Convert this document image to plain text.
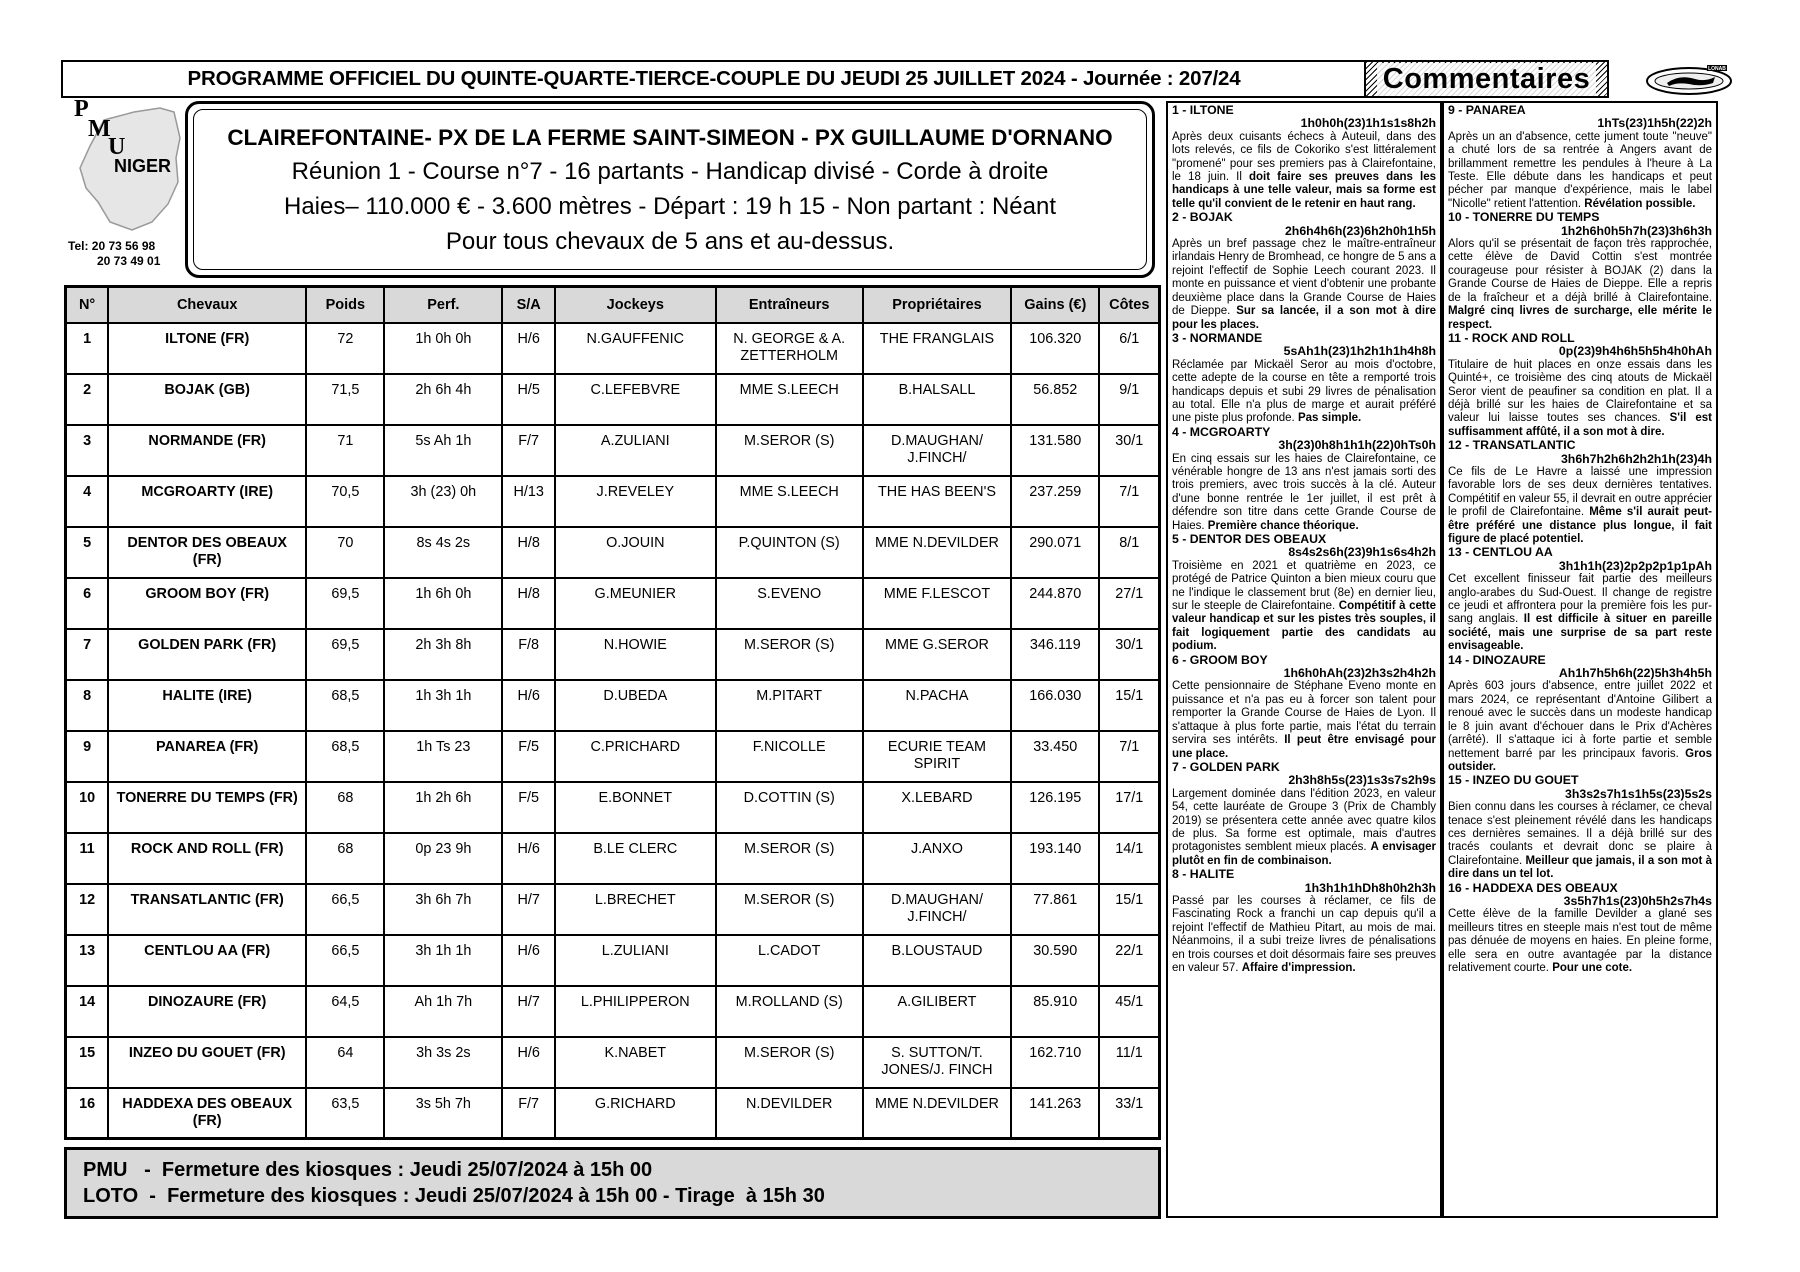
PROGRAMME OFFICIEL DU QUINTE-QUARTE-TIERCE-COUPLE DU JEUDI 25 JUILLET 2024 - Journée : 207/24	Commentaires	LONAB
P
M
U
NIGER
Tel: 20 73 56 98
20 73 49 01
CLAIREFONTAINE- PX DE LA FERME SAINT-SIMEON - PX GUILLAUME D'ORNANO
Réunion 1 - Course n°7 - 16 partants - Handicap divisé - Corde à droite
Haies– 110.000 € - 3.600 mètres - Départ : 19 h 15 - Non partant : Néant
Pour tous chevaux de 5 ans et au-dessus.
N°	Chevaux	Poids	Perf.	S/A	Jockeys	Entraîneurs	Propriétaires	Gains (€)	Côtes
1	ILTONE (FR)	72	1h 0h 0h	H/6	N.GAUFFENIC	N. GEORGE & A. ZETTERHOLM	THE FRANGLAIS	106.320	6/1
2	BOJAK (GB)	71,5	2h 6h 4h	H/5	C.LEFEBVRE	MME S.LEECH	B.HALSALL	56.852	9/1
3	NORMANDE (FR)	71	5s Ah 1h	F/7	A.ZULIANI	M.SEROR (S)	D.MAUGHAN/ J.FINCH/	131.580	30/1
4	MCGROARTY (IRE)	70,5	3h (23) 0h	H/13	J.REVELEY	MME S.LEECH	THE HAS BEEN'S	237.259	7/1
5	DENTOR DES OBEAUX (FR)	70	8s 4s 2s	H/8	O.JOUIN	P.QUINTON (S)	MME N.DEVILDER	290.071	8/1
6	GROOM BOY (FR)	69,5	1h 6h 0h	H/8	G.MEUNIER	S.EVENO	MME F.LESCOT	244.870	27/1
7	GOLDEN PARK (FR)	69,5	2h 3h 8h	F/8	N.HOWIE	M.SEROR (S)	MME G.SEROR	346.119	30/1
8	HALITE (IRE)	68,5	1h 3h 1h	H/6	D.UBEDA	M.PITART	N.PACHA	166.030	15/1
9	PANAREA (FR)	68,5	1h Ts 23	F/5	C.PRICHARD	F.NICOLLE	ECURIE TEAM SPIRIT	33.450	7/1
10	TONERRE DU TEMPS (FR)	68	1h 2h 6h	F/5	E.BONNET	D.COTTIN (S)	X.LEBARD	126.195	17/1
11	ROCK AND ROLL (FR)	68	0p 23 9h	H/6	B.LE CLERC	M.SEROR (S)	J.ANXO	193.140	14/1
12	TRANSATLANTIC (FR)	66,5	3h 6h 7h	H/7	L.BRECHET	M.SEROR (S)	D.MAUGHAN/ J.FINCH/	77.861	15/1
13	CENTLOU AA (FR)	66,5	3h 1h 1h	H/6	L.ZULIANI	L.CADOT	B.LOUSTAUD	30.590	22/1
14	DINOZAURE (FR)	64,5	Ah 1h 7h	H/7	L.PHILIPPERON	M.ROLLAND (S)	A.GILIBERT	85.910	45/1
15	INZEO DU GOUET (FR)	64	3h 3s 2s	H/6	K.NABET	M.SEROR (S)	S. SUTTON/T. JONES/J. FINCH	162.710	11/1
16	HADDEXA DES OBEAUX (FR)	63,5	3s 5h 7h	F/7	G.RICHARD	N.DEVILDER	MME N.DEVILDER	141.263	33/1
PMU   -  Fermeture des kiosques : Jeudi 25/07/2024 à 15h 00
LOTO  -  Fermeture des kiosques : Jeudi 25/07/2024 à 15h 00 - Tirage  à 15h 30
1 - ILTONE
1h0h0h(23)1h1s1s8h2h
Après deux cuisants échecs à Auteuil, dans des lots relevés, ce fils de Cokoriko s'est littéralement "promené" pour ses premiers pas à Clairefontaine, le 18 juin. Il doit faire ses preuves dans les handicaps à une telle valeur, mais sa forme est telle qu'il convient de le retenir en haut rang.
2 - BOJAK
2h6h4h6h(23)6h2h0h1h5h
Après un bref passage chez le maître-entraîneur irlandais Henry de Bromhead, ce hongre de 5 ans a rejoint l'effectif de Sophie Leech courant 2023. Il monte en puissance et vient d'obtenir une probante deuxième place dans la Grande Course de Haies de Dieppe. Sur sa lancée, il a son mot à dire pour les places.
3 - NORMANDE
5sAh1h(23)1h2h1h1h4h8h
Réclamée par Mickaël Seror au mois d'octobre, cette adepte de la course en tête a remporté trois handicaps depuis et subi 29 livres de pénalisation au total. Elle n'a plus de marge et aurait préféré une piste plus profonde. Pas simple.
4 - MCGROARTY
3h(23)0h8h1h1h(22)0hTs0h
En cinq essais sur les haies de Clairefontaine, ce vénérable hongre de 13 ans n'est jamais sorti des trois premiers, avec trois succès à la clé. Auteur d'une bonne rentrée le 1er juillet, il est prêt à défendre son titre dans cette Grande Course de Haies. Première chance théorique.
5 - DENTOR DES OBEAUX
8s4s2s6h(23)9h1s6s4h2h
Troisième en 2021 et quatrième en 2023, ce protégé de Patrice Quinton a bien mieux couru que ne l'indique le classement brut (8e) en dernier lieu, sur le steeple de Clairefontaine. Compétitif à cette valeur handicap et sur les pistes très souples, il fait logiquement partie des candidats au podium.
6 - GROOM BOY
1h6h0hAh(23)2h3s2h4h2h
Cette pensionnaire de Stéphane Eveno monte en puissance et n'a pas eu à forcer son talent pour remporter la Grande Course de Haies de Lyon. Il s'attaque à plus forte partie, mais l'état du terrain servira ses intérêts. Il peut être envisagé pour une place.
7 - GOLDEN PARK
2h3h8h5s(23)1s3s7s2h9s
Largement dominée dans l'édition 2023, en valeur 54, cette lauréate de Groupe 3 (Prix de Chambly 2019) se présentera cette année avec quatre kilos de plus. Sa forme est optimale, mais d'autres protagonistes semblent mieux placés. A envisager plutôt en fin de combinaison.
8 - HALITE
1h3h1h1hDh8h0h2h3h
Passé par les courses à réclamer, ce fils de Fascinating Rock a franchi un cap depuis qu'il a rejoint l'effectif de Mathieu Pitart, au mois de mai. Néanmoins, il a subi treize livres de pénalisations en trois courses et doit désormais faire ses preuves en valeur 57. Affaire d'impression.
9 - PANAREA
1hTs(23)1h5h(22)2h
Après un an d'absence, cette jument toute "neuve" a chuté lors de sa rentrée à Angers avant de brillamment remettre les pendules à l'heure à La Teste. Elle débute dans les handicaps et peut pécher par manque d'expérience, mais le label "Nicolle" retient l'attention. Révélation possible.
10 - TONERRE DU TEMPS
1h2h6h0h5h7h(23)3h6h3h
Alors qu'il se présentait de façon très rapprochée, cette élève de David Cottin s'est montrée courageuse pour résister à BOJAK (2) dans la Grande Course de Haies de Dieppe. Elle a repris de la fraîcheur et a déjà brillé à Clairefontaine. Malgré cinq livres de surcharge, elle mérite le respect.
11 - ROCK AND ROLL
0p(23)9h4h6h5h5h4h0hAh
Titulaire de huit places en onze essais dans les Quinté+, ce troisième des cinq atouts de Mickaël Seror vient de peaufiner sa condition en plat. Il a déjà brillé sur les haies de Clairefontaine et sa valeur lui laisse toutes ses chances. S'il est suffisamment affûté, il a son mot à dire.
12 - TRANSATLANTIC
3h6h7h2h6h2h2h1h(23)4h
Ce fils de Le Havre a laissé une impression favorable lors de ses deux dernières tentatives. Compétitif en valeur 55, il devrait en outre apprécier le profil de Clairefontaine. Même s'il aurait peut-être préféré une distance plus longue, il fait figure de placé potentiel.
13 - CENTLOU AA
3h1h1h(23)2p2p2p1p1pAh
Cet excellent finisseur fait partie des meilleurs anglo-arabes du Sud-Ouest. Il change de registre ce jeudi et affrontera pour la première fois les pur-sang anglais. Il est difficile à situer en pareille société, mais une surprise de sa part reste envisageable.
14 - DINOZAURE
Ah1h7h5h6h(22)5h3h4h5h
Après 603 jours d'absence, entre juillet 2022 et mars 2024, ce représentant d'Antoine Gilibert a renoué avec le succès dans un modeste handicap le 8 juin avant d'échouer dans le Prix d'Achères (arrêté). Il s'attaque ici à forte partie et semble nettement barré par les principaux favoris. Gros outsider.
15 - INZEO DU GOUET
3h3s2s7h1s1h5s(23)5s2s
Bien connu dans les courses à réclamer, ce cheval tenace s'est pleinement révélé dans les handicaps ces dernières semaines. Il a déjà brillé sur des tracés coulants et devrait donc se plaire à Clairefontaine. Meilleur que jamais, il a son mot à dire dans un tel lot.
16 - HADDEXA DES OBEAUX
3s5h7h1s(23)0h5h2s7h4s
Cette élève de la famille Devilder a glané ses meilleurs titres en steeple mais n'est tout de même pas dénuée de moyens en haies. En pleine forme, elle sera en outre avantagée par la distance relativement courte. Pour une cote.
